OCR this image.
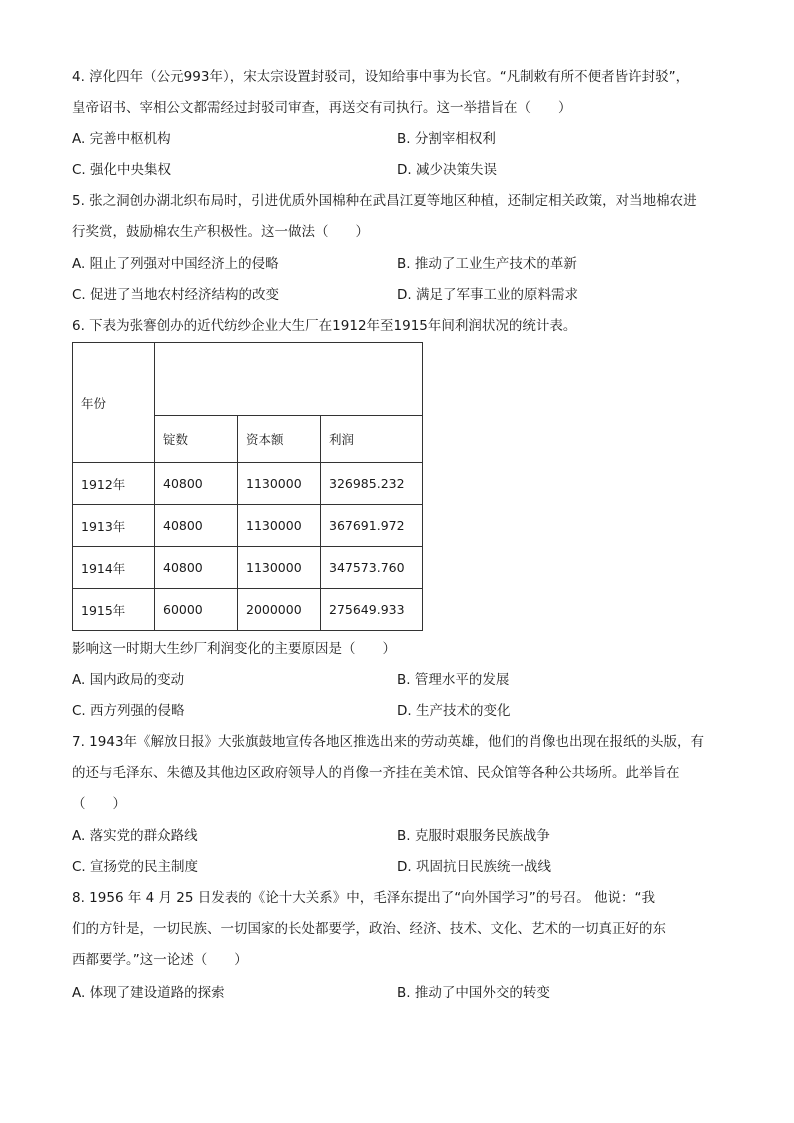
4. 淳化四年（公元993年），宋太宗设置封驳司，设知给事中事为长官。“凡制敕有所不便者皆许封驳”，
皇帝诏书、宰相公文都需经过封驳司审查，再送交有司执行。这一举措旨在（　　）
A. 完善中枢机构	B. 分割宰相权利
C. 强化中央集权	D. 减少决策失误
5. 张之洞创办湖北织布局时，引进优质外国棉种在武昌江夏等地区种植，还制定相关政策，对当地棉农进
行奖赏，鼓励棉农生产积极性。这一做法（　　）
A. 阻止了列强对中国经济上的侵略	B. 推动了工业生产技术的革新
C. 促进了当地农村经济结构的改变	D. 满足了军事工业的原料需求
6. 下表为张謇创办的近代纺纱企业大生厂在1912年至1915年间利润状况的统计表。
年份			
	锭数	资本额	利润
1912年	40800	1130000	326985.232
1913年	40800	1130000	367691.972
1914年	40800	1130000	347573.760
1915年	60000	2000000	275649.933
影响这一时期大生纱厂利润变化的主要原因是（　　）
A. 国内政局的变动	B. 管理水平的发展
C. 西方列强的侵略	D. 生产技术的变化
7. 1943年《解放日报》大张旗鼓地宣传各地区推选出来的劳动英雄，他们的肖像也出现在报纸的头版，有
的还与毛泽东、朱德及其他边区政府领导人的肖像一齐挂在美术馆、民众馆等各种公共场所。此举旨在
（　　）
A. 落实党的群众路线	B. 克服时艰服务民族战争
C. 宣扬党的民主制度	D. 巩固抗日民族统一战线
8. 1956 年 4 月 25 日发表的《论十大关系》中，毛泽东提出了“向外国学习”的号召。 他说：“我
们的方针是，一切民族、一切国家的长处都要学，政治、经济、技术、文化、艺术的一切真正好的东
西都要学。”这一论述（　　）
A. 体现了建设道路的探索	B. 推动了中国外交的转变
